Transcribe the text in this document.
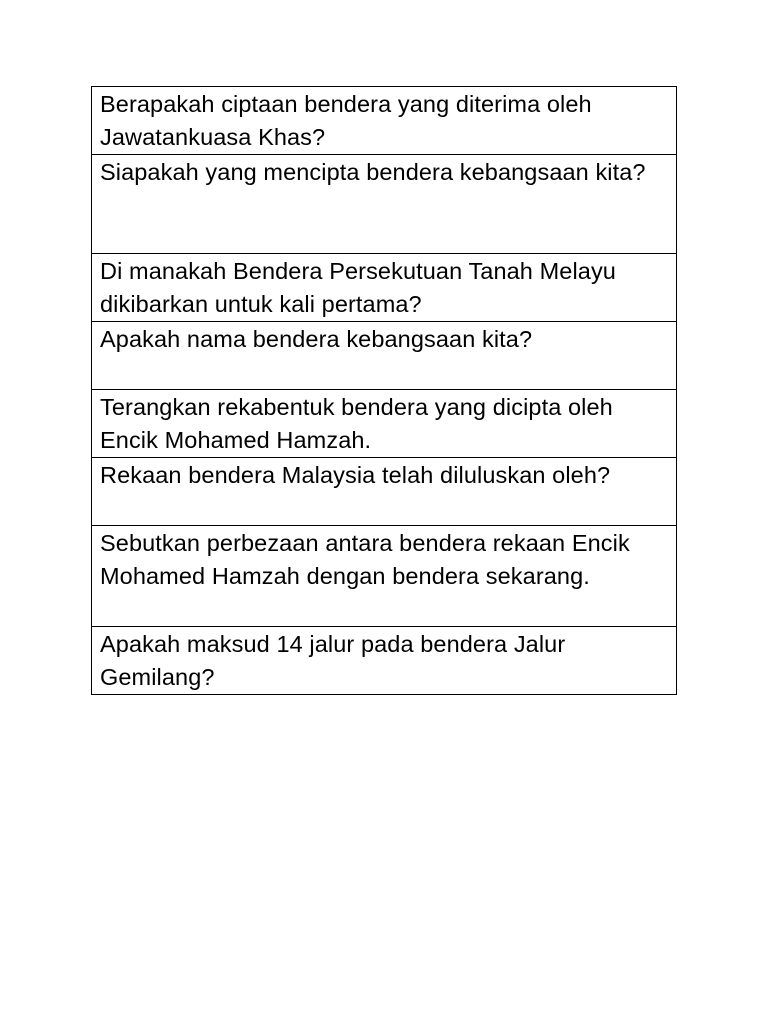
Berapakah ciptaan bendera yang diterima oleh Jawatankuasa Khas?
Siapakah yang mencipta bendera kebangsaan kita?
Di manakah Bendera Persekutuan Tanah Melayu dikibarkan untuk kali pertama?
Apakah nama bendera kebangsaan kita?
Terangkan rekabentuk bendera yang dicipta oleh Encik Mohamed Hamzah.
Rekaan bendera Malaysia telah diluluskan oleh?
Sebutkan perbezaan antara bendera rekaan Encik Mohamed Hamzah dengan bendera sekarang.
Apakah maksud 14 jalur pada bendera Jalur Gemilang?
